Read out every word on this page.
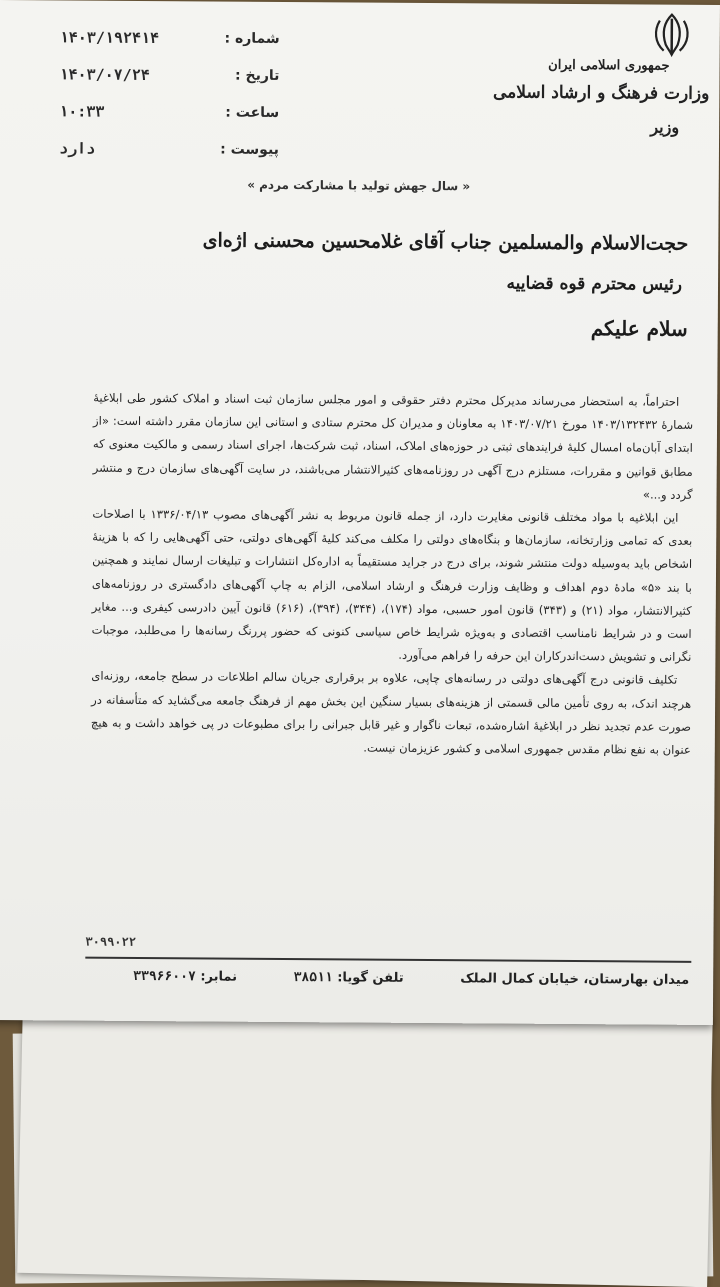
جمهوری اسلامی ایران
وزارت فرهنگ و ارشاد اسلامی
وزیر
شماره :
۱۴۰۳/۱۹۲۴۱۴
تاریخ :
۱۴۰۳/۰۷/۲۴
ساعت :
۱۰:۳۳
پیوست :
دارد
« سال جهش تولید با مشارکت مردم »
حجت‌الاسلام والمسلمین جناب آقای غلامحسین محسنی اژه‌ای
رئیس محترم قوه قضاییه
سلام علیکم

احتراماً، به استحضار می‌رساند مدیرکل محترم دفتر حقوقی و امور مجلس سازمان ثبت اسناد و املاک کشور طی ابلاغیهٔ شمارهٔ ۱۴۰۳/۱۳۲۴۳۲ مورخ ۱۴۰۳/۰۷/۲۱ به معاونان و مدیران کل محترم ستادی و استانی این سازمان مقرر داشته است: «از ابتدای آبان‌ماه امسال کلیهٔ فرایندهای ثبتی در حوزه‌های املاک، اسناد، ثبت شرکت‌ها، اجرای اسناد رسمی و مالکیت معنوی که مطابق قوانین و مقررات، مستلزم درج آگهی در روزنامه‌های کثیرالانتشار می‌باشند، در سایت آگهی‌های سازمان درج و منتشر گردد و...»

این ابلاغیه با مواد مختلف قانونی مغایرت دارد، از جمله قانون مربوط به نشر آگهی‌های مصوب ۱۳۳۶/۰۴/۱۳ با اصلاحات بعدی که تمامی وزارتخانه، سازمان‌ها و بنگاه‌های دولتی را مکلف می‌کند کلیهٔ آگهی‌های دولتی، حتی آگهی‌هایی را که با هزینهٔ اشخاص باید به‌وسیله دولت منتشر شوند، برای درج در جراید مستقیماً به اداره‌کل انتشارات و تبلیغات ارسال نمایند و همچنین با بند «۵» مادهٔ دوم اهداف و وظایف وزارت فرهنگ و ارشاد اسلامی، الزام به چاپ آگهی‌های دادگستری در روزنامه‌های کثیرالانتشار، مواد (۲۱) و (۳۴۳) قانون امور حسبی، مواد (۱۷۴)، (۳۴۴)، (۳۹۴)، (۶۱۶) قانون آیین دادرسی کیفری و... مغایر است و در شرایط نامناسب اقتصادی و به‌ویژه شرایط خاص سیاسی کنونی که حضور پررنگ رسانه‌ها را می‌طلبد، موجبات نگرانی و تشویش دست‌اندرکاران این حرفه را فراهم می‌آورد.

تکلیف قانونی درج آگهی‌های دولتی در رسانه‌های چاپی، علاوه بر برقراری جریان سالم اطلاعات در سطح جامعه، روزنه‌ای هرچند اندک، به روی تأمین مالی قسمتی از هزینه‌های بسیار سنگین این بخش مهم از فرهنگ جامعه می‌گشاید که متأسفانه در صورت عدم تجدید نظر در ابلاغیهٔ اشاره‌شده، تبعات ناگوار و غیر قابل جبرانی را برای مطبوعات در پی خواهد داشت و به هیچ عنوان به نفع نظام مقدس جمهوری اسلامی و کشور عزیزمان نیست.

۳۰۹۹۰۲۲
میدان بهارستان، خیابان کمال الملک
تلفن گویا: ۳۸۵۱۱
نمابر: ۳۳۹۶۶۰۰۷
